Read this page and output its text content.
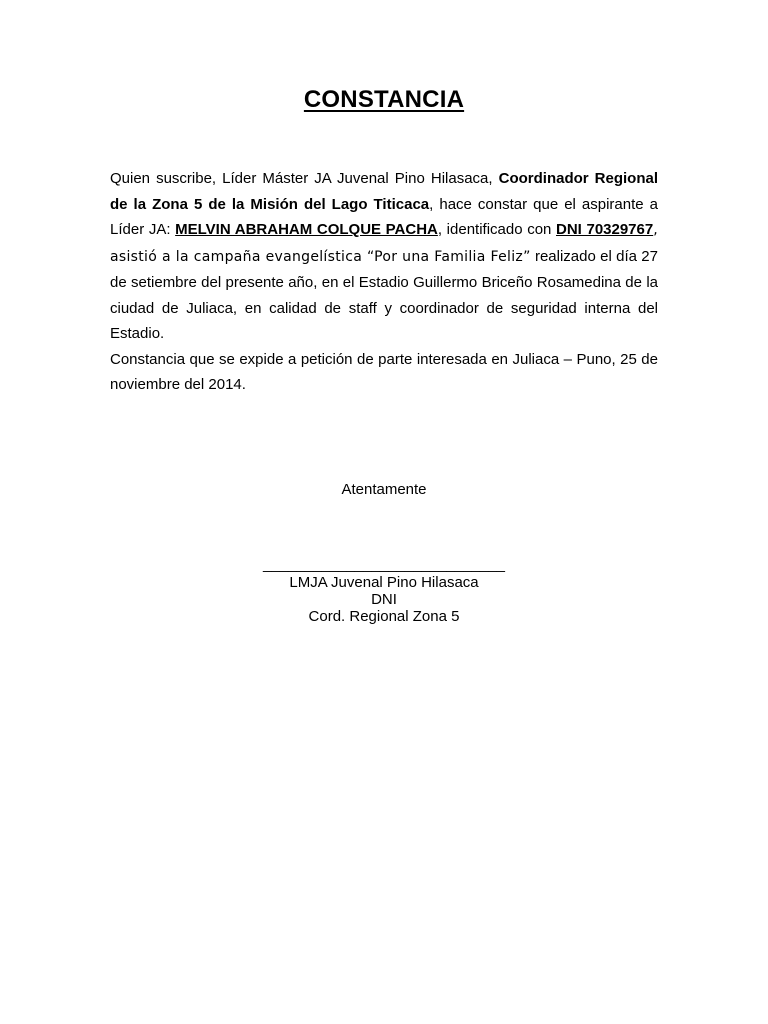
CONSTANCIA

Quien suscribe, Líder Máster JA Juvenal Pino Hilasaca, Coordinador Regional de la Zona 5 de la Misión del Lago Titicaca, hace constar que el aspirante a Líder JA: MELVIN ABRAHAM COLQUE PACHA, identificado con DNI 70329767, asistió a la campaña evangelística “Por una Familia Feliz” realizado el día 27 de setiembre del presente año, en el Estadio Guillermo Briceño Rosamedina de la ciudad de Juliaca, en calidad de staff y coordinador de seguridad interna del Estadio.

Constancia que se expide a petición de parte interesada en Juliaca – Puno, 25 de noviembre del 2014.

Atentamente

_____________________________
LMJA Juvenal Pino Hilasaca
DNI
Cord. Regional Zona 5
